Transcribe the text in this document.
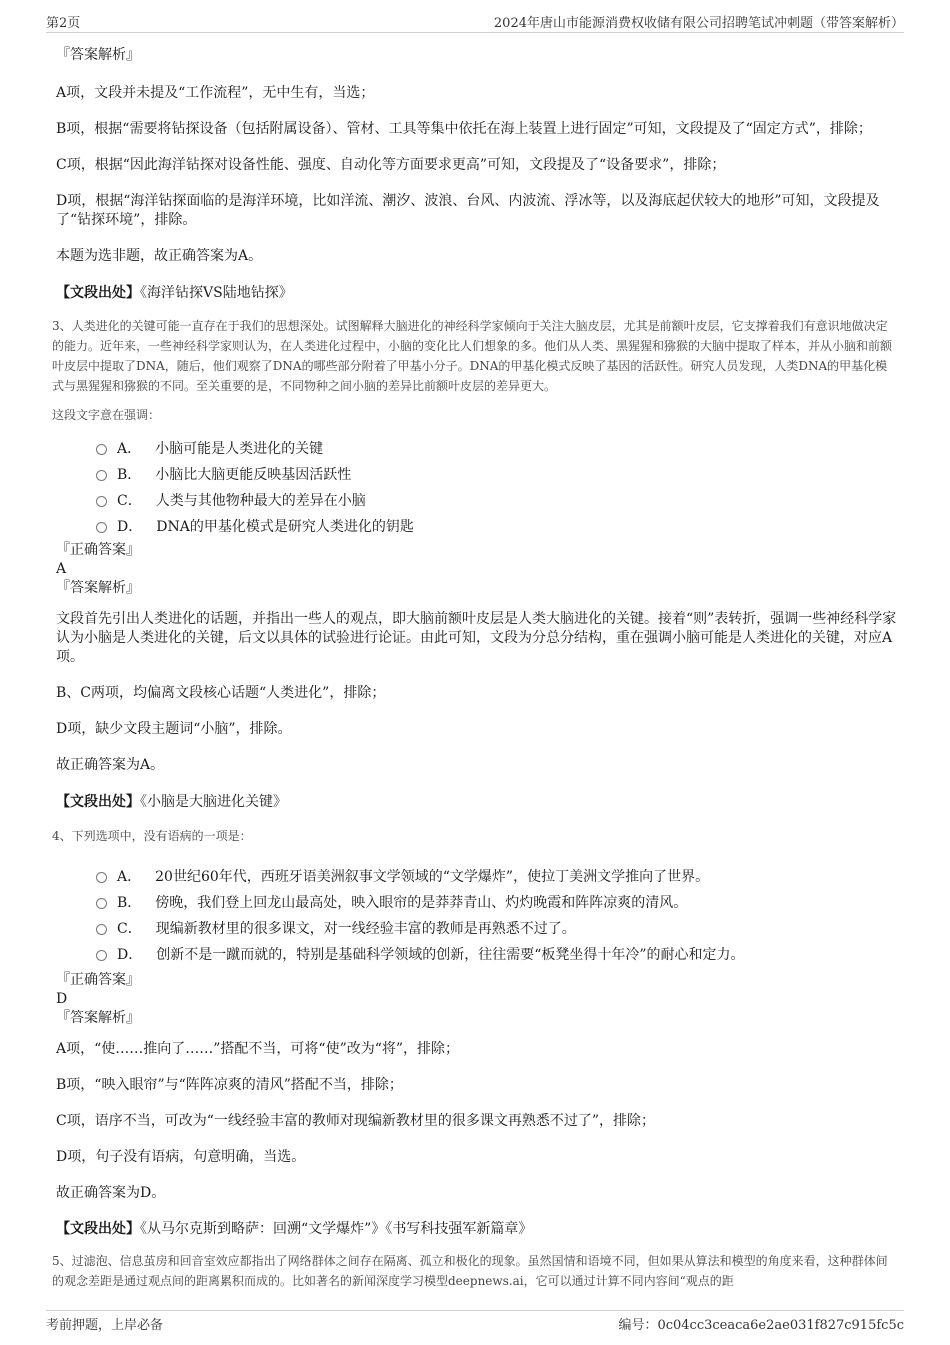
第2页	2024年唐山市能源消费权收储有限公司招聘笔试冲刺题（带答案解析）

『答案解析』

A项，文段并未提及“工作流程”，无中生有，当选；

B项，根据“需要将钻探设备（包括附属设备）、管材、工具等集中依托在海上装置上进行固定”可知，文段提及了“固定方式”，排除；

C项，根据“因此海洋钻探对设备性能、强度、自动化等方面要求更高”可知，文段提及了“设备要求”，排除；

D项，根据“海洋钻探面临的是海洋环境，比如洋流、潮汐、波浪、台风、内波流、浮冰等，以及海底起伏较大的地形”可知，文段提及了“钻探环境”，排除。

本题为选非题，故正确答案为A。

【文段出处】《海洋钻探VS陆地钻探》

3、人类进化的关键可能一直存在于我们的思想深处。试图解释大脑进化的神经科学家倾向于关注大脑皮层，尤其是前额叶皮层，它支撑着我们有意识地做决定的能力。近年来，一些神经科学家则认为，在人类进化过程中，小脑的变化比人们想象的多。他们从人类、黑猩猩和猕猴的大脑中提取了样本，并从小脑和前额叶皮层中提取了DNA，随后，他们观察了DNA的哪些部分附着了甲基小分子。DNA的甲基化模式反映了基因的活跃性。研究人员发现，人类DNA的甲基化模式与黑猩猩和猕猴的不同。至关重要的是，不同物种之间小脑的差异比前额叶皮层的差异更大。

这段文字意在强调：

A． 小脑可能是人类进化的关键
B． 小脑比大脑更能反映基因活跃性
C． 人类与其他物种最大的差异在小脑
D． DNA的甲基化模式是研究人类进化的钥匙

『正确答案』

A

『答案解析』

文段首先引出人类进化的话题，并指出一些人的观点，即大脑前额叶皮层是人类大脑进化的关键。接着“则”表转折，强调一些神经科学家认为小脑是人类进化的关键，后文以具体的试验进行论证。由此可知，文段为分总分结构，重在强调小脑可能是人类进化的关键，对应A项。

B、C两项，均偏离文段核心话题“人类进化”，排除；

D项，缺少文段主题词“小脑”，排除。

故正确答案为A。

【文段出处】《小脑是大脑进化关键》

4、下列选项中，没有语病的一项是：

A． 20世纪60年代，西班牙语美洲叙事文学领域的“文学爆炸”，使拉丁美洲文学推向了世界。
B． 傍晚，我们登上回龙山最高处，映入眼帘的是莽莽青山、灼灼晚霞和阵阵凉爽的清风。
C． 现编新教材里的很多课文，对一线经验丰富的教师是再熟悉不过了。
D． 创新不是一蹴而就的，特别是基础科学领域的创新，往往需要“板凳坐得十年冷”的耐心和定力。

『正确答案』

D

『答案解析』

A项，“使……推向了……”搭配不当，可将“使”改为“将”，排除；

B项，“映入眼帘”与“阵阵凉爽的清风”搭配不当，排除；

C项，语序不当，可改为“一线经验丰富的教师对现编新教材里的很多课文再熟悉不过了”，排除；

D项，句子没有语病，句意明确，当选。

故正确答案为D。

【文段出处】《从马尔克斯到略萨：回溯“文学爆炸”》《书写科技强军新篇章》

5、过滤泡、信息茧房和回音室效应都指出了网络群体之间存在隔离、孤立和极化的现象。虽然国情和语境不同，但如果从算法和模型的角度来看，这种群体间的观念差距是通过观点间的距离累积而成的。比如著名的新闻深度学习模型deepnews.ai，它可以通过计算不同内容间“观点的距

考前押题，上岸必备	编号：0c04cc3ceaca6e2ae031f827c915fc5c
